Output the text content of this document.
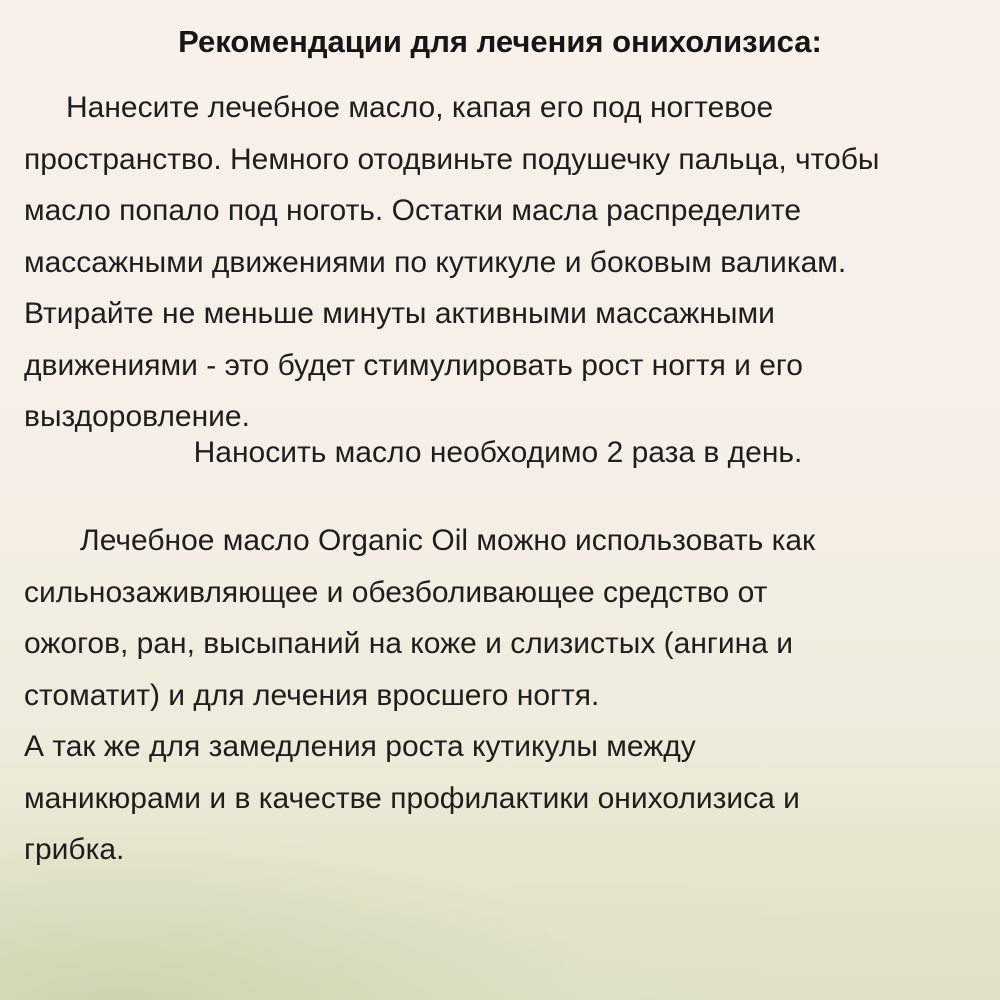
Рекомендации для лечения онихолизиса:
Нанесите лечебное масло, капая его под ногтевое
пространство. Немного отодвиньте подушечку пальца, чтобы
масло попало под ноготь. Остатки масла распределите
массажными движениями по кутикуле и боковым валикам.
Втирайте не меньше минуты активными массажными
движениями - это будет стимулировать рост ногтя и его
выздоровление.
Наносить масло необходимо 2 раза в день.
Лечебное масло Organic Oil можно использовать как
сильнозаживляющее и обезболивающее средство от
ожогов, ран, высыпаний на коже и слизистых (ангина и
стоматит) и для лечения вросшего ногтя.
А так же для замедления роста кутикулы между
маникюрами и в качестве профилактики онихолизиса и
грибка.
